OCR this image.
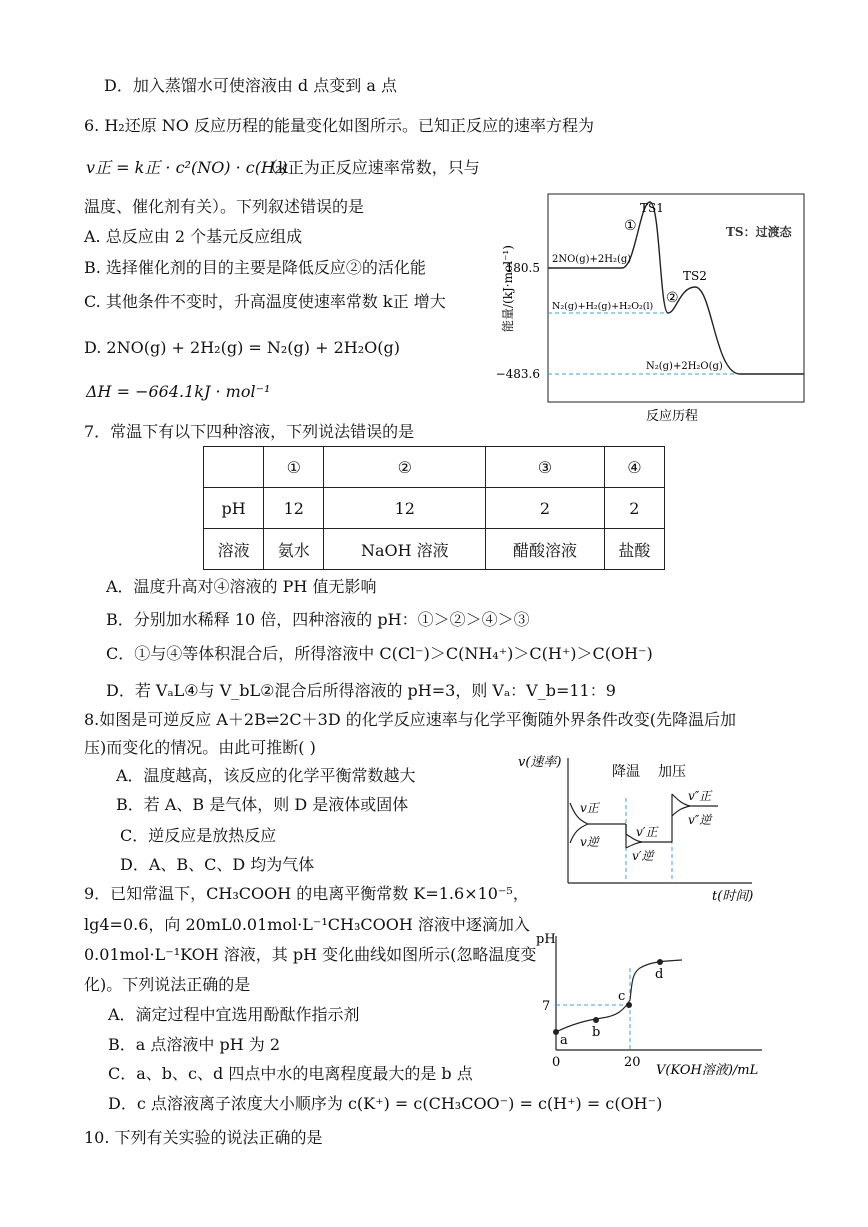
D．加入蒸馏水可使溶液由 d 点变到 a 点
6. H₂还原 NO 反应历程的能量变化如图所示。已知正反应的速率方程为
v正 = k正 · c²(NO) · c(H₂)
（k正为正反应速率常数，只与
温度、催化剂有关）。下列叙述错误的是
A. 总反应由 2 个基元反应组成
B. 选择催化剂的目的主要是降低反应②的活化能
C. 其他条件不变时，升高温度使速率常数 k正 增大
D. 2NO(g) + 2H₂(g) = N₂(g) + 2H₂O(g)
ΔH = −664.1kJ · mol⁻¹
180.5
−483.6
2NO(g)+2H₂(g)
N₂(g)+H₂(g)+H₂O₂(l)
N₂(g)+2H₂O(g)
TS1
TS2
①
②
TS：过渡态
能量/(kJ·mol⁻¹)
反应历程
7．常温下有以下四种溶液，下列说法错误的是
	①	②	③	④
pH	12	12	2	2
溶液	氨水	NaOH 溶液	醋酸溶液	盐酸
A．温度升高对④溶液的 PH 值无影响
B．分别加水稀释 10 倍，四种溶液的 pH：①＞②＞④＞③
C．①与④等体积混合后，所得溶液中 C(Cl⁻)＞C(NH₄⁺)＞C(H⁺)＞C(OH⁻)
D．若 VₐL④与 V_bL②混合后所得溶液的 pH=3，则 Vₐ：V_b=11：9
8.如图是可逆反应 A＋2B⇌2C＋3D 的化学反应速率与化学平衡随外界条件改变(先降温后加
压)而变化的情况。由此可推断( )
A．温度越高，该反应的化学平衡常数越大
B．若 A、B 是气体，则 D 是液体或固体
C．逆反应是放热反应
D．A、B、C、D 均为气体
v(速率)
t(时间)
降温 加压
v正
v逆
v′正
v′逆
v″正
v″逆
9．已知常温下，CH₃COOH 的电离平衡常数 K=1.6×10⁻⁵，
lg4=0.6，向 20mL0.01mol·L⁻¹CH₃COOH 溶液中逐滴加入
0.01mol·L⁻¹KOH 溶液，其 pH 变化曲线如图所示(忽略温度变
化)。下列说法正确的是
A．滴定过程中宜选用酚酞作指示剂
B．a 点溶液中 pH 为 2
C．a、b、c、d 四点中水的电离程度最大的是 b 点
D．c 点溶液离子浓度大小顺序为 c(K⁺) = c(CH₃COO⁻) = c(H⁺) = c(OH⁻)
pH
7
0	20
V(KOH溶液)/mL
a
b
c
d
10. 下列有关实验的说法正确的是
